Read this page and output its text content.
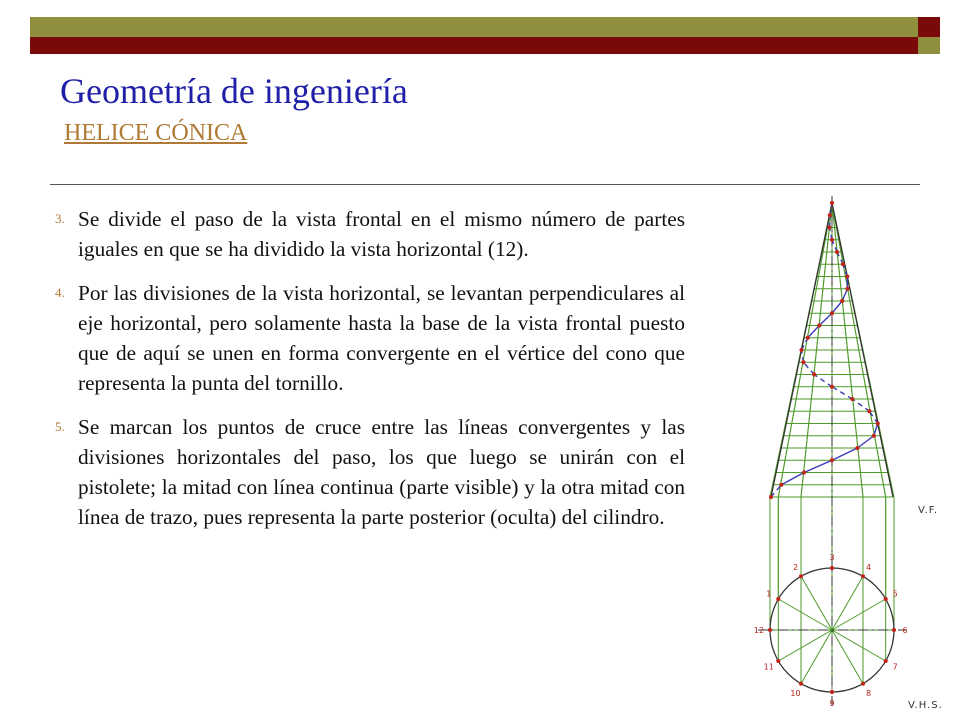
Geometría de ingeniería
HELICE CÓNICA
3. Se divide el paso de la vista frontal en el mismo número de partes iguales en que se ha dividido la vista horizontal (12).
4. Por las divisiones de la vista horizontal, se levantan perpendiculares al eje horizontal, pero solamente hasta la base de la vista frontal puesto que de aquí se unen en forma convergente en el vértice del cono que representa la punta del tornillo.
5. Se marcan los puntos de cruce entre las líneas convergentes y las divisiones horizontales del paso, los que luego se unirán con el pistolete; la mitad con línea continua (parte visible) y la otra mitad con línea de trazo, pues representa la parte posterior (oculta) del cilindro.
1
2
3
4
5
6
7
8
9
10
11
12
V.F.
V.H.S.
